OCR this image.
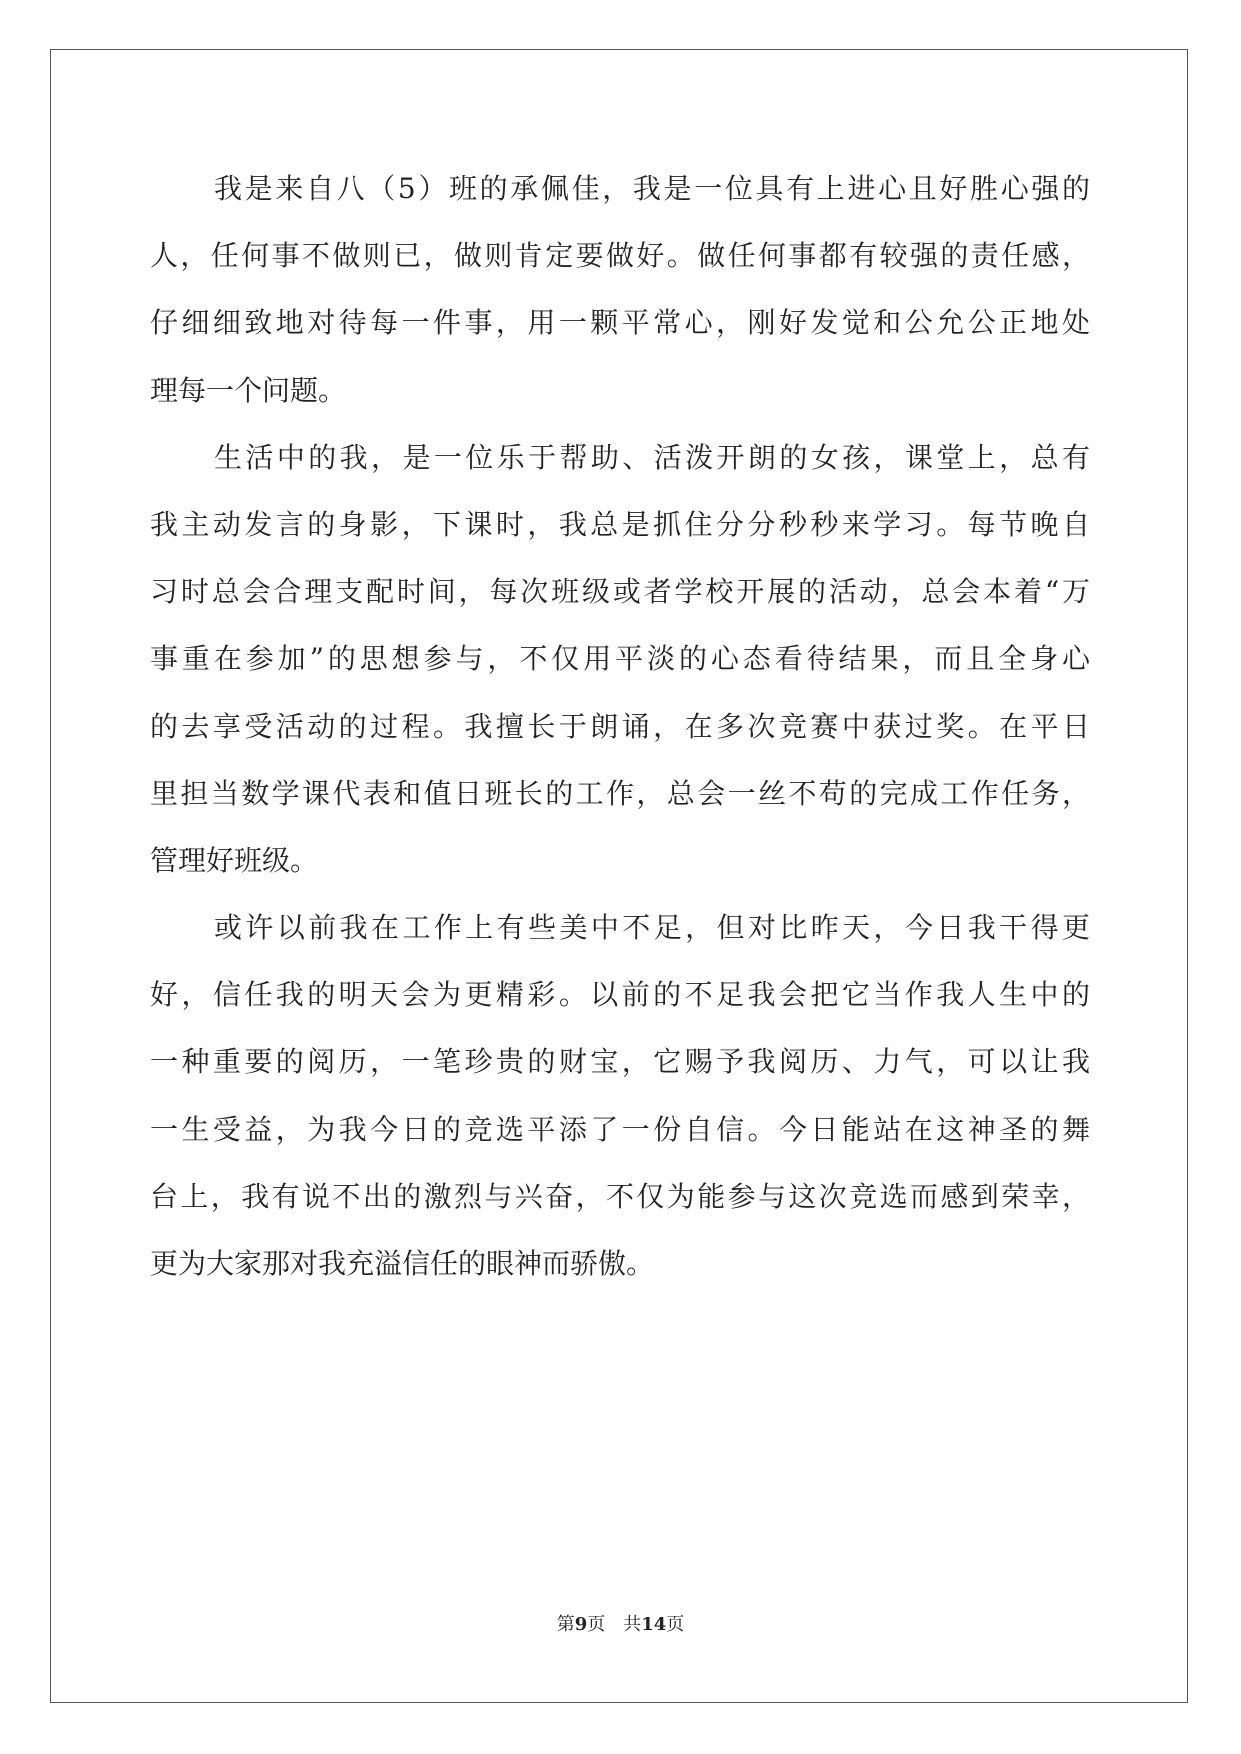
我是来自八（5）班的承佩佳，我是一位具有上进心且好胜心强的
人，任何事不做则已，做则肯定要做好。做任何事都有较强的责任感，
仔细细致地对待每一件事，用一颗平常心，刚好发觉和公允公正地处
理每一个问题。
生活中的我，是一位乐于帮助、活泼开朗的女孩，课堂上，总有
我主动发言的身影，下课时，我总是抓住分分秒秒来学习。每节晚自
习时总会合理支配时间，每次班级或者学校开展的活动，总会本着“万
事重在参加”的思想参与，不仅用平淡的心态看待结果，而且全身心
的去享受活动的过程。我擅长于朗诵，在多次竞赛中获过奖。在平日
里担当数学课代表和值日班长的工作，总会一丝不苟的完成工作任务，
管理好班级。
或许以前我在工作上有些美中不足，但对比昨天，今日我干得更
好，信任我的明天会为更精彩。以前的不足我会把它当作我人生中的
一种重要的阅历，一笔珍贵的财宝，它赐予我阅历、力气，可以让我
一生受益，为我今日的竞选平添了一份自信。今日能站在这神圣的舞
台上，我有说不出的激烈与兴奋，不仅为能参与这次竞选而感到荣幸，
更为大家那对我充溢信任的眼神而骄傲。
第9页 共14页
